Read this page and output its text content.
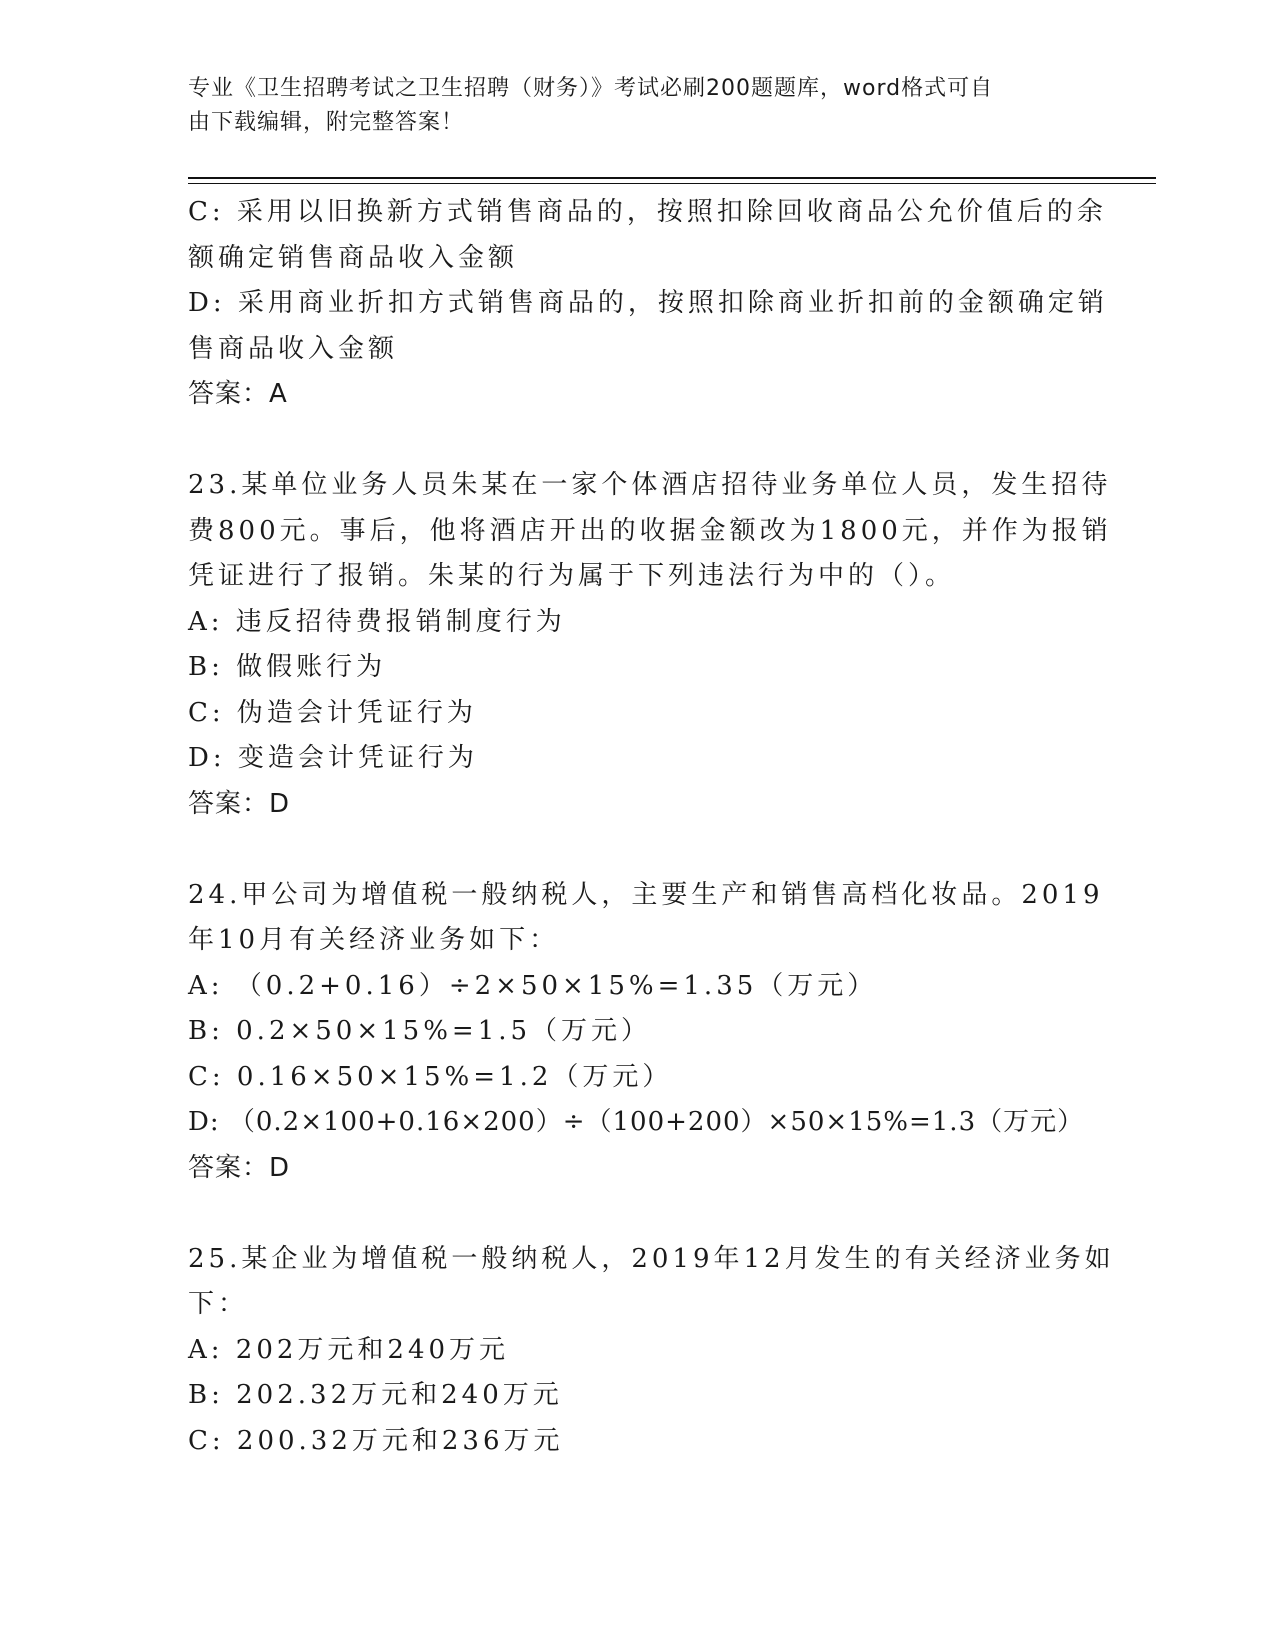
专业《卫生招聘考试之卫生招聘（财务）》考试必刷200题题库，word格式可自
由下载编辑，附完整答案！
C: 采用以旧换新方式销售商品的，按照扣除回收商品公允价值后的余
额确定销售商品收入金额
D: 采用商业折扣方式销售商品的，按照扣除商业折扣前的金额确定销
售商品收入金额
答案：A
23.某单位业务人员朱某在一家个体酒店招待业务单位人员，发生招待
费800元。事后，他将酒店开出的收据金额改为1800元，并作为报销
凭证进行了报销。朱某的行为属于下列违法行为中的（）。
A: 违反招待费报销制度行为
B: 做假账行为
C: 伪造会计凭证行为
D: 变造会计凭证行为
答案：D
24.甲公司为增值税一般纳税人，主要生产和销售高档化妆品。2019
年10月有关经济业务如下：
A: （0.2+0.16）÷2×50×15%=1.35（万元）
B: 0.2×50×15%=1.5（万元）
C: 0.16×50×15%=1.2（万元）
D: （0.2×100+0.16×200）÷（100+200）×50×15%=1.3（万元）
答案：D
25.某企业为增值税一般纳税人，2019年12月发生的有关经济业务如
下：
A: 202万元和240万元
B: 202.32万元和240万元
C: 200.32万元和236万元
